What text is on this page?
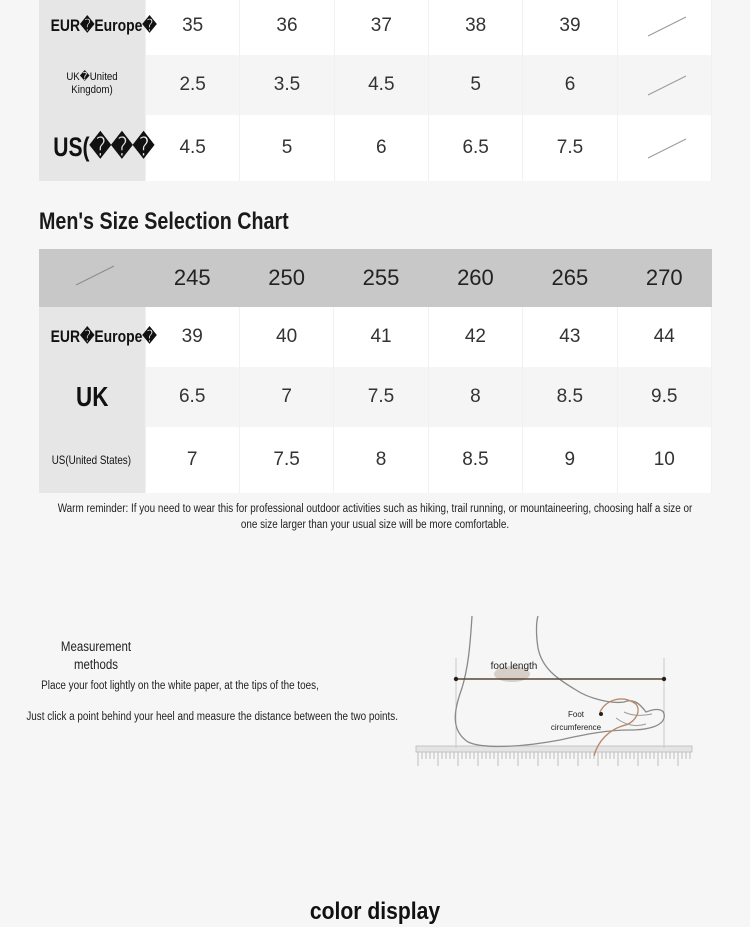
EUR�Europe�	35	36	37	38	39	

UK�United Kingdom)	2.5	3.5	4.5	5	6	

US(���	4.5	5	6	6.5	7.5	
Men's Size Selection Chart
	245	250	255	260	265	270
EUR�Europe�	39	40	41	42	43	44
UK	6.5	7	7.5	8	8.5	9.5
US(United States)	7	7.5	8	8.5	9	10

Warm reminder: If you need to wear this for professional outdoor activities such as hiking, trail running, or mountaineering, choosing half a size or one size larger than your usual size will be more comfortable.

Measurement methods

Place your foot lightly on the white paper, at the tips of the toes,

Just click a point behind your heel and measure the distance between the two points.

foot length
Foot
circumference
color display
